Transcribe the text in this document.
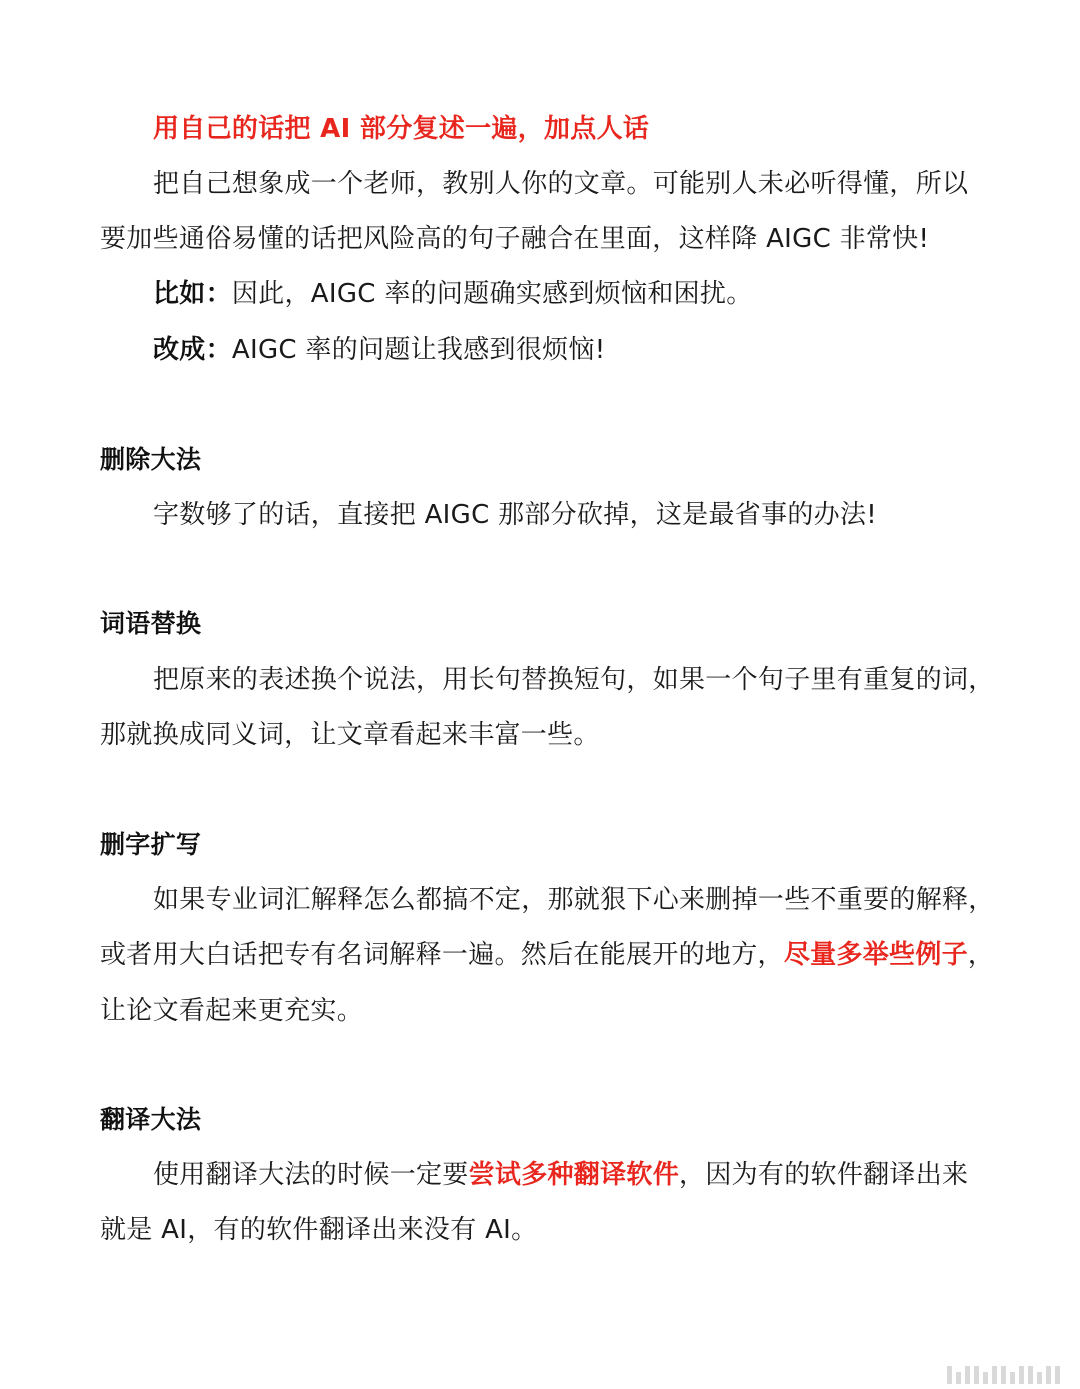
用自己的话把 AI 部分复述一遍，加点人话
把自己想象成一个老师，教别人你的文章。可能别人未必听得懂，所以
要加些通俗易懂的话把风险高的句子融合在里面，这样降 AIGC 非常快!
比如：因此，AIGC 率的问题确实感到烦恼和困扰。
改成：AIGC 率的问题让我感到很烦恼!
删除大法
字数够了的话，直接把 AIGC 那部分砍掉，这是最省事的办法!
词语替换
把原来的表述换个说法，用长句替换短句，如果一个句子里有重复的词，
那就换成同义词，让文章看起来丰富一些。
删字扩写
如果专业词汇解释怎么都搞不定，那就狠下心来删掉一些不重要的解释，
或者用大白话把专有名词解释一遍。然后在能展开的地方，尽量多举些例子，
让论文看起来更充实。
翻译大法
使用翻译大法的时候一定要尝试多种翻译软件，因为有的软件翻译出来
就是 AI，有的软件翻译出来没有 AI。
